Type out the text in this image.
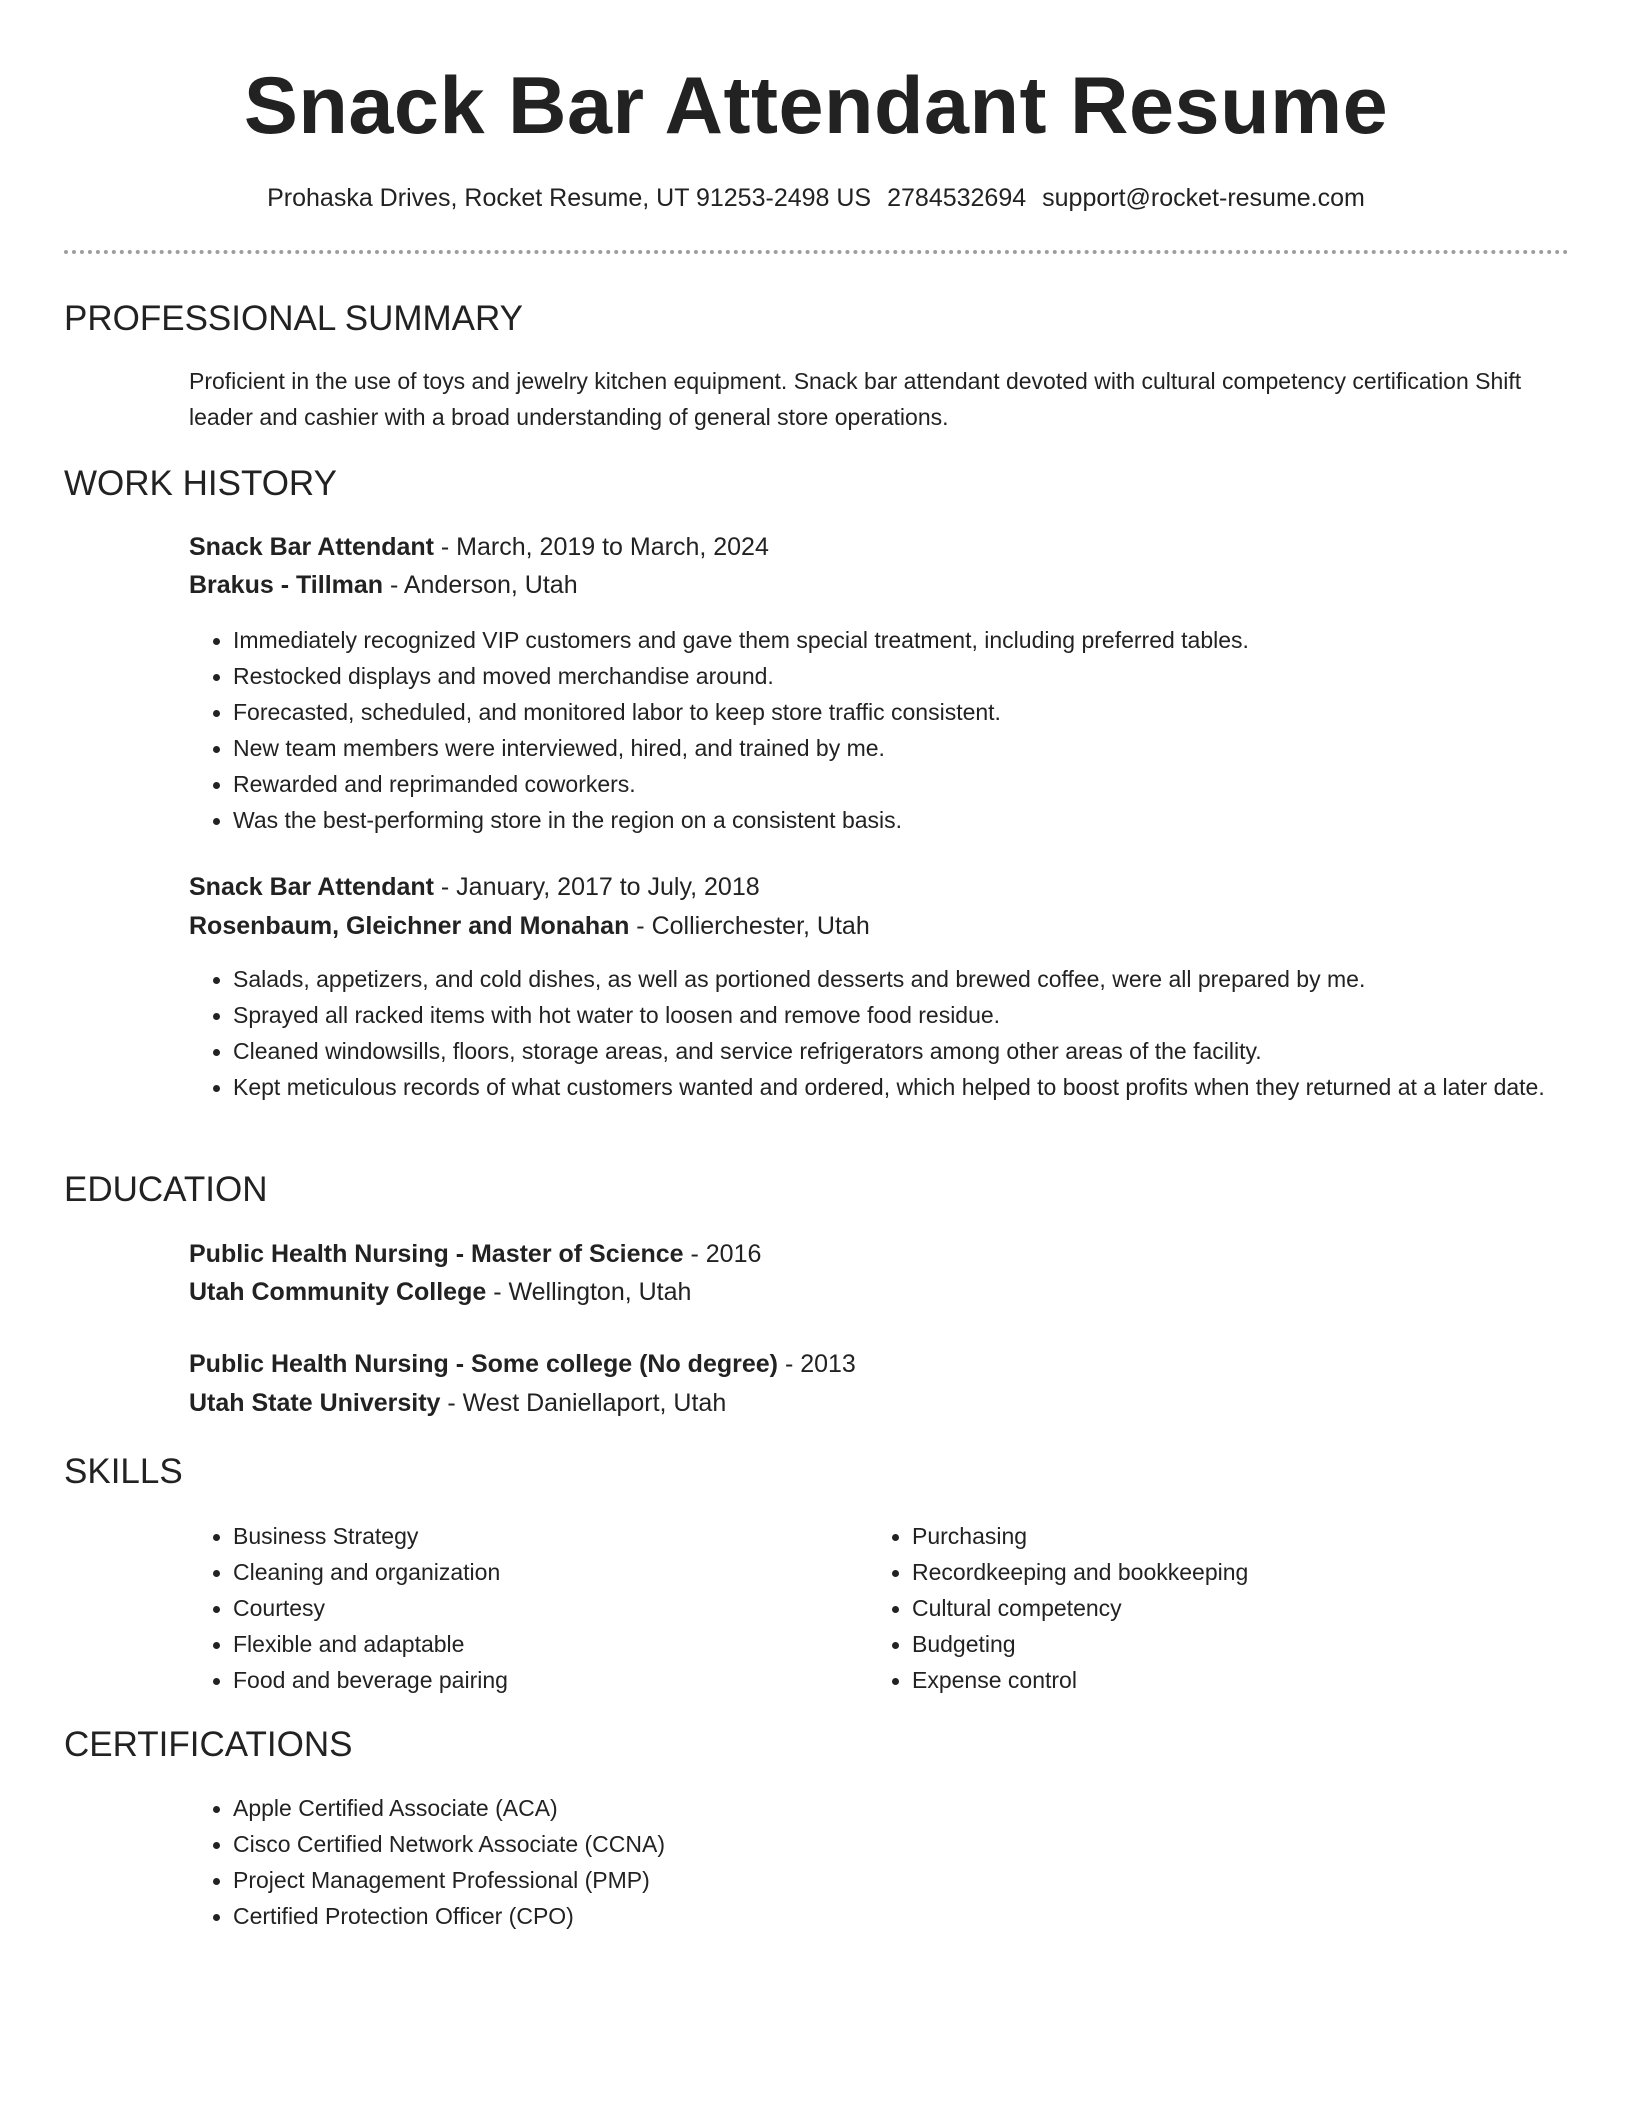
Snack Bar Attendant Resume
Prohaska Drives, Rocket Resume, UT 91253-2498 US 2784532694 support@rocket-resume.com
PROFESSIONAL SUMMARY

Proficient in the use of toys and jewelry kitchen equipment. Snack bar attendant devoted with cultural competency certification Shift leader and cashier with a broad understanding of general store operations.

WORK HISTORY
Snack Bar Attendant - March, 2019 to March, 2024
Brakus - Tillman - Anderson, Utah
• Immediately recognized VIP customers and gave them special treatment, including preferred tables.
• Restocked displays and moved merchandise around.
• Forecasted, scheduled, and monitored labor to keep store traffic consistent.
• New team members were interviewed, hired, and trained by me.
• Rewarded and reprimanded coworkers.
• Was the best-performing store in the region on a consistent basis.
Snack Bar Attendant - January, 2017 to July, 2018
Rosenbaum, Gleichner and Monahan - Collierchester, Utah
• Salads, appetizers, and cold dishes, as well as portioned desserts and brewed coffee, were all prepared by me.
• Sprayed all racked items with hot water to loosen and remove food residue.
• Cleaned windowsills, floors, storage areas, and service refrigerators among other areas of the facility.
• Kept meticulous records of what customers wanted and ordered, which helped to boost profits when they returned at a later date.
EDUCATION
Public Health Nursing - Master of Science - 2016
Utah Community College - Wellington, Utah
Public Health Nursing - Some college (No degree) - 2013
Utah State University - West Daniellaport, Utah
SKILLS
• Business Strategy
• Cleaning and organization
• Courtesy
• Flexible and adaptable
• Food and beverage pairing
• Purchasing
• Recordkeeping and bookkeeping
• Cultural competency
• Budgeting
• Expense control
CERTIFICATIONS
• Apple Certified Associate (ACA)
• Cisco Certified Network Associate (CCNA)
• Project Management Professional (PMP)
• Certified Protection Officer (CPO)
